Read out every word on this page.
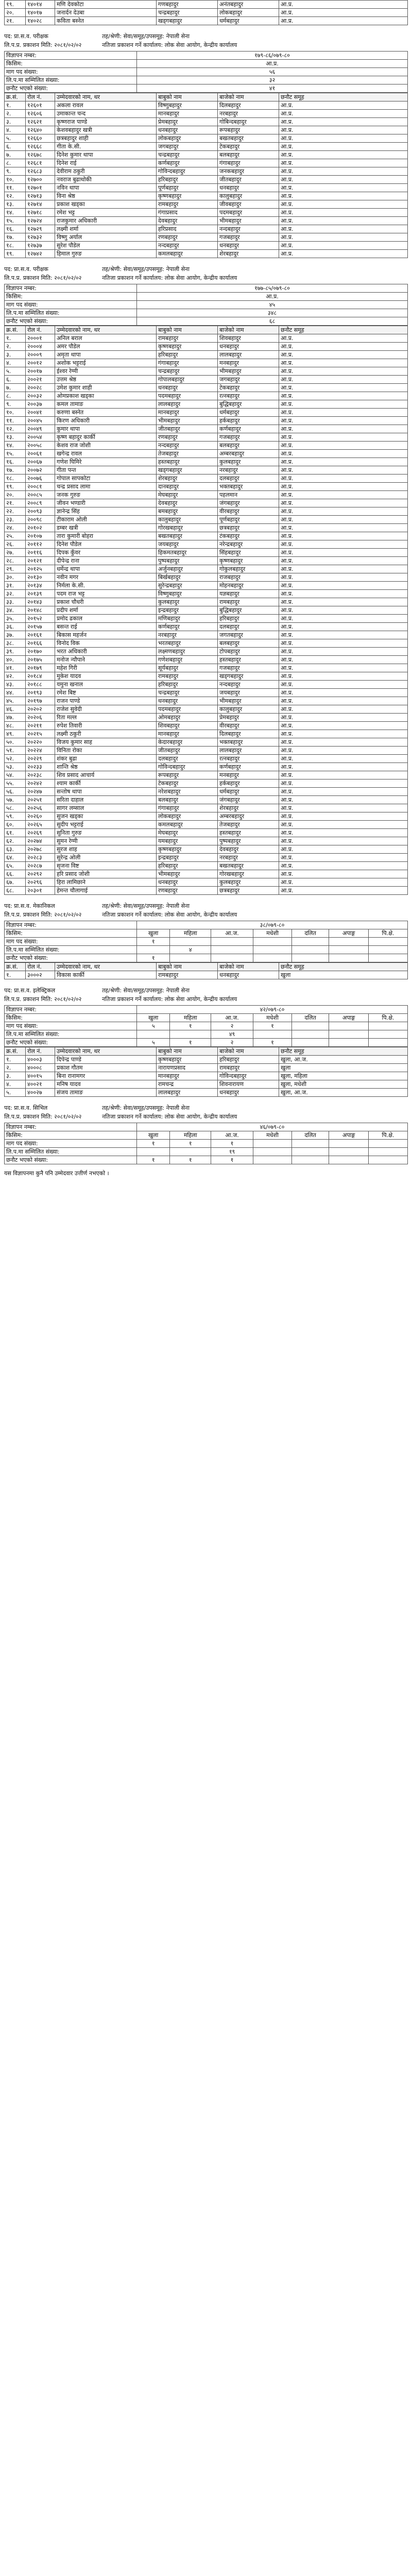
१९.	१४०१४	मणि देवकोटा	गणबहादुर	अनंतबहादुर	आ.प्र.
२०.	१४०१७	जनार्दन देउबा	चन्द्रबहादुर	लोकबहादुर	आ.प्र.
२१.	१४०२८	कविता बस्नेत	खड्गबहादुर	धर्मबहादुर	आ.प्र.
पद: प्रा.स.व. परीक्षक	तह/श्रेणी: सेवा/समूह/उपसमूह: नेपाली सेना
लि.प.प्र. प्रकाशन मिति: २०८१/०२/०२	नतिजा प्रकाशन गर्ने कार्यालय: लोक सेवा आयोग, केन्द्रीय कार्यालय
विज्ञापन नम्बर:	१७९-८६/०७९-८०
किसिम:	आ.प्र.
माग पद संख्या:	५६
लि.प.मा सम्मिलित संख्या:	३२
छनौट भएको संख्या:	४१
क्र.सं.	रोल नं.	उम्मेदवारको नाम, थर	बाबुको नाम	बाजेको नाम	छनौट समूह
१.	१२६०१	अकला रावल	विष्णुबहादुर	दिलबहादुर	आ.प्र.
२.	१२६०६	उमाकान्त चन्द	मानबहादुर	नरबहादुर	आ.प्र.
३.	१२६२१	कृष्णराज पाण्डे	प्रेमबहादुर	गोबिन्दबहादुर	आ.प्र.
४.	१२६४०	केशवबहादुर खत्री	धनबहादुर	रूपबहादुर	आ.प्र.
५.	१२६६०	छत्रबहादुर शाही	लोकबहादुर	बखतबहादुर	आ.प्र.
६.	१२६६८	गीता के.सी.	जगबहादुर	टेकबहादुर	आ.प्र.
७.	१२६७८	दिनेश कुमार थापा	चन्द्रबहादुर	बलबहादुर	आ.प्र.
८.	१२६८१	दिनेश राई	कर्णबहादुर	गंगाबहादुर	आ.प्र.
९.	१२६८३	देवीराम ठकुरी	गोविन्दबहादुर	जनकबहादुर	आ.प्र.
१०.	१२७००	नवराज बुढाथोकी	हरिबहादुर	जीतबहादुर	आ.प्र.
११.	१२७०१	नविन थापा	पूर्णबहादुर	धनबहादुर	आ.प्र.
१२.	१२७१३	विना श्रेष्ठ	कृष्णबहादुर	कालुबहादुर	आ.प्र.
१३.	१२७१४	प्रकाश खड्का	रामबहादुर	जीवबहादुर	आ.प्र.
१४.	१२७१८	रमेश भट्ट	गंगाप्रसाद	पदमबहादुर	आ.प्र.
१५.	१२७२४	राजकुमार अधिकारी	देवबहादुर	भीमबहादुर	आ.प्र.
१६.	१२७२९	लक्ष्मी शर्मा	हरिप्रसाद	नन्दबहादुर	आ.प्र.
१७.	१२७३२	विष्णु अर्याल	रणबहादुर	गजबहादुर	आ.प्र.
१८.	१२७३७	सुरेश पौडेल	नन्दबहादुर	धनबहादुर	आ.प्र.
१९.	१२७४२	हिमाल गुरुङ	कमलबहादुर	शेरबहादुर	आ.प्र.
पद: प्रा.स.व. परीक्षक	तह/श्रेणी: सेवा/समूह/उपसमूह: नेपाली सेना
लि.प.प्र. प्रकाशन मिति: २०८१/०२/०२	नतिजा प्रकाशन गर्ने कार्यालय: लोक सेवा आयोग, केन्द्रीय कार्यालय
विज्ञापन नम्बर:	१७७-८५/०७९-८०
किसिम:	आ.प्र.
माग पद संख्या:	४५
लि.प.मा सम्मिलित संख्या:	३४८
छनौट भएको संख्या:	६८
क्र.सं.	रोल नं.	उम्मेदवारको नाम, थर	बाबुको नाम	बाजेको नाम	छनौट समूह
१.	२०००१	अनिल बराल	रामबहादुर	शिवबहादुर	आ.प्र.
२.	२०००४	अमर पौडेल	कृष्णबहादुर	धनबहादुर	आ.प्र.
३.	२०००९	अमृता थापा	हरिबहादुर	लालबहादुर	आ.प्र.
४.	२००१२	अशोक भट्टराई	गंगाबहादुर	मनबहादुर	आ.प्र.
५.	२००१७	ईश्वर रेग्मी	चन्द्रबहादुर	भीमबहादुर	आ.प्र.
६.	२००२१	उत्तम श्रेष्ठ	गोपालबहादुर	जगबहादुर	आ.प्र.
७.	२००२८	उमेश कुमार शाही	धनबहादुर	टेकबहादुर	आ.प्र.
८.	२००३२	ओमप्रकाश खड्का	पदमबहादुर	रत्नबहादुर	आ.प्र.
९.	२००३७	कमल तामाङ	लालबहादुर	बुद्धिबहादुर	आ.प्र.
१०.	२००४१	करुणा बस्नेत	मानबहादुर	धर्मबहादुर	आ.प्र.
११.	२००४५	किरण अधिकारी	भीमबहादुर	हर्कबहादुर	आ.प्र.
१२.	२००४९	कुमार थापा	जीतबहादुर	कर्णबहादुर	आ.प्र.
१३.	२००५४	कृष्ण बहादुर कार्की	रणबहादुर	गजबहादुर	आ.प्र.
१४.	२००५८	केशव राज जोशी	नन्दबहादुर	बलबहादुर	आ.प्र.
१५.	२००६१	खगेन्द्र रावल	तेजबहादुर	अम्बरबहादुर	आ.प्र.
१६.	२००६७	गणेश घिमिरे	हस्तबहादुर	कुलबहादुर	आ.प्र.
१७.	२००७२	गीता पन्त	खड्गबहादुर	नरबहादुर	आ.प्र.
१८.	२००७६	गोपाल सापकोटा	शेरबहादुर	दलबहादुर	आ.प्र.
१९.	२००८१	चन्द्र प्रसाद लामा	दानबहादुर	भक्तबहादुर	आ.प्र.
२०.	२००८५	जनक गुरुङ	मेघबहादुर	पहलमान	आ.प्र.
२१.	२००८९	जीवन भण्डारी	देवबहादुर	जंगबहादुर	आ.प्र.
२२.	२००९३	ज्ञानेन्द्र सिंह	बमबहादुर	वीरबहादुर	आ.प्र.
२३.	२००९८	टीकाराम ओली	कालुबहादुर	पूर्णबहादुर	आ.प्र.
२४.	२०१०२	डम्बर खत्री	गोरखबहादुर	छत्रबहादुर	आ.प्र.
२५.	२०१०७	तारा कुमारी बोहरा	बखतबहादुर	टंकबहादुर	आ.प्र.
२६.	२०११२	दिनेश पौडेल	जयबहादुर	नरेन्द्रबहादुर	आ.प्र.
२७.	२०११६	दिपक कुँवर	हिकमतबहादुर	सिंहबहादुर	आ.प्र.
२८.	२०१२१	दीपेन्द्र राना	पुष्पबहादुर	कृष्णबहादुर	आ.प्र.
२९.	२०१२५	धर्मेन्द्र थापा	अर्जुनबहादुर	गोकुलबहादुर	आ.प्र.
३०.	२०१३०	नवीन मगर	बिर्खबहादुर	राजबहादुर	आ.प्र.
३१.	२०१३४	निर्मला के.सी.	सुरेन्द्रबहादुर	मोहनबहादुर	आ.प्र.
३२.	२०१३९	पदम राज भट्ट	विष्णुबहादुर	यज्ञबहादुर	आ.प्र.
३३.	२०१४३	प्रकाश चौधरी	कुलबहादुर	रामबहादुर	आ.प्र.
३४.	२०१४८	प्रदीप शर्मा	इन्द्रबहादुर	बुद्धिबहादुर	आ.प्र.
३५.	२०१५२	प्रमोद ढकाल	मणिबहादुर	हरिबहादुर	आ.प्र.
३६.	२०१५७	बसन्त राई	कर्णबहादुर	दलबहादुर	आ.प्र.
३७.	२०१६१	बिकास महर्जन	नरबहादुर	जगतबहादुर	आ.प्र.
३८.	२०१६६	विनोद विक	भरतबहादुर	बलबहादुर	आ.प्र.
३९.	२०१७०	भरत अधिकारी	लक्ष्मणबहादुर	टोपबहादुर	आ.प्र.
४०.	२०१७५	मनोज न्यौपाने	गणेशबहादुर	हस्तबहादुर	आ.प्र.
४१.	२०१७९	महेश गिरी	सूर्यबहादुर	गजबहादुर	आ.प्र.
४२.	२०१८४	मुकेश यादव	रामबहादुर	खड्गबहादुर	आ.प्र.
४३.	२०१८८	यमुना खनाल	हरिबहादुर	नन्दबहादुर	आ.प्र.
४४.	२०१९३	रमेश बिष्ट	चन्द्रबहादुर	जयबहादुर	आ.प्र.
४५.	२०१९७	राजन पाण्डे	धनबहादुर	भीमबहादुर	आ.प्र.
४६.	२०२०२	राजेश सुवेदी	पदमबहादुर	कालुबहादुर	आ.प्र.
४७.	२०२०६	रिता मल्ल	ओमबहादुर	प्रेमबहादुर	आ.प्र.
४८.	२०२११	रुपेश तिवारी	शिवबहादुर	वीरबहादुर	आ.प्र.
४९.	२०२१५	लक्ष्मी ठकुरी	मानबहादुर	दिलबहादुर	आ.प्र.
५०.	२०२२०	विजय कुमार साह	केदारबहादुर	भक्तबहादुर	आ.प्र.
५१.	२०२२४	विनिता रोका	जीतबहादुर	लालबहादुर	आ.प्र.
५२.	२०२२९	शंकर बुढा	दलबहादुर	रत्नबहादुर	आ.प्र.
५३.	२०२३३	शान्ति श्रेष्ठ	गोविन्दबहादुर	कर्णबहादुर	आ.प्र.
५४.	२०२३८	शिव प्रसाद आचार्य	रूपबहादुर	मनबहादुर	आ.प्र.
५५.	२०२४२	श्याम कार्की	टेकबहादुर	हर्कबहादुर	आ.प्र.
५६.	२०२४७	सन्तोष थापा	नरेशबहादुर	धर्मबहादुर	आ.प्र.
५७.	२०२५१	सरिता दाहाल	बलबहादुर	जंगबहादुर	आ.प्र.
५८.	२०२५६	सागर लम्साल	गंगाबहादुर	शेरबहादुर	आ.प्र.
५९.	२०२६०	सुजन खड्का	लोकबहादुर	अम्बरबहादुर	आ.प्र.
६०.	२०२६५	सुदीप भट्टराई	कमलबहादुर	तेजबहादुर	आ.प्र.
६१.	२०२६९	सुनिता गुरुङ	मेघबहादुर	हस्तबहादुर	आ.प्र.
६२.	२०२७४	सुमन रेग्मी	यमबहादुर	पुष्पबहादुर	आ.प्र.
६३.	२०२७८	सुरज शाह	कृष्णबहादुर	देवबहादुर	आ.प्र.
६४.	२०२८३	सुरेन्द्र ओली	इन्द्रबहादुर	नरबहादुर	आ.प्र.
६५.	२०२८७	सृजना विष्ट	हरिबहादुर	बखतबहादुर	आ.प्र.
६६.	२०२९२	हरि प्रसाद जोशी	भीमबहादुर	गोरखबहादुर	आ.प्र.
६७.	२०२९६	हिरा लामिछाने	धनबहादुर	कुलबहादुर	आ.प्र.
६८.	२०३०१	हेमन्त चौलागाई	रणबहादुर	छत्रबहादुर	आ.प्र.
पद: प्रा.स.व. मेकानिकल	तह/श्रेणी: सेवा/समूह/उपसमूह: नेपाली सेना
लि.प.प्र. प्रकाशन मिति: २०८१/०२/०२	नतिजा प्रकाशन गर्ने कार्यालय: लोक सेवा आयोग, केन्द्रीय कार्यालय
विज्ञापन नम्बर:	३८/०७९-८०						
किसिम:	खुला	महिला	आ.ज.	मधेशी	दलित	अपाङ्ग	पि.क्षे.
माग पद संख्या:	१						
लि.प.मा सम्मिलित संख्या:		४					
छनौट भएको संख्या:	१						
क्र.सं.	रोल नं.	उम्मेदवारको नाम, थर	बाबुको नाम	बाजेको नाम	छनौट समूह
१.	३०००२	विकास कार्की	रामबहादुर	धनबहादुर	खुला
पद: प्रा.स.व. इलेक्ट्रिकल	तह/श्रेणी: सेवा/समूह/उपसमूह: नेपाली सेना
लि.प.प्र. प्रकाशन मिति: २०८१/०२/०२	नतिजा प्रकाशन गर्ने कार्यालय: लोक सेवा आयोग, केन्द्रीय कार्यालय
विज्ञापन नम्बर:	४२/०७९-८०						
किसिम:	खुला	महिला	आ.ज.	मधेशी	दलित	अपाङ्ग	पि.क्षे.
माग पद संख्या:	५	१	२	१			
लि.प.मा सम्मिलित संख्या:			४९				
छनौट भएको संख्या:	५	१	२	१			
क्र.सं.	रोल नं.	उम्मेदवारको नाम, थर	बाबुको नाम	बाजेको नाम	छनौट समूह
१.	४०००३	दिपेन्द्र पाण्डे	कृष्णबहादुर	हरिबहादुर	खुला, आ.ज.
२.	४०००८	प्रकाश गौतम	नारायणप्रसाद	रामबहादुर	खुला
३.	४००१५	बिना रानामगर	मानबहादुर	गोविन्दबहादुर	खुला, महिला
४.	४००२१	मनिष यादव	रामचन्द्र	शिवनारायण	खुला, मधेशी
५.	४००२७	संजय तामाङ	लालबहादुर	धनबहादुर	खुला, आ.ज.
पद: प्रा.स.व. सिभिल	तह/श्रेणी: सेवा/समूह/उपसमूह: नेपाली सेना
लि.प.प्र. प्रकाशन मिति: २०८१/०२/०२	नतिजा प्रकाशन गर्ने कार्यालय: लोक सेवा आयोग, केन्द्रीय कार्यालय
विज्ञापन नम्बर:	४६/०७९-८०						
किसिम:	खुला	महिला	आ.ज.	मधेशी	दलित	अपाङ्ग	पि.क्षे.
माग पद संख्या:	१	१	१				
लि.प.मा सम्मिलित संख्या:			१९				
छनौट भएको संख्या:	१	१	१				
यस विज्ञापनमा कुनै पनि उम्मेदवार उत्तीर्ण नभएको ।
